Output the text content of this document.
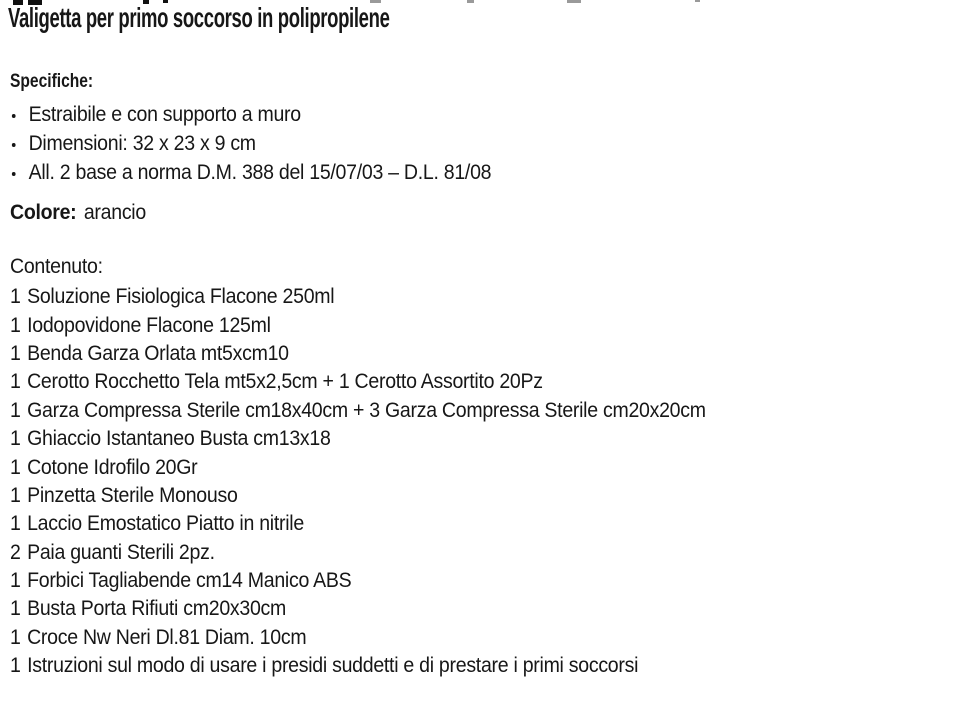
Valigetta per primo soccorso in polipropilene
Specifiche:
Estraibile e con supporto a muro
Dimensioni: 32 x 23 x 9 cm
All. 2 base a norma D.M. 388 del 15/07/03 – D.L. 81/08
Colore: arancio
Contenuto:
1 Soluzione Fisiologica Flacone 250ml
1 Iodopovidone Flacone 125ml
1 Benda Garza Orlata mt5xcm10
1 Cerotto Rocchetto Tela mt5x2,5cm + 1 Cerotto Assortito 20Pz
1 Garza Compressa Sterile cm18x40cm + 3 Garza Compressa Sterile cm20x20cm
1 Ghiaccio Istantaneo Busta cm13x18
1 Cotone Idrofilo 20Gr
1 Pinzetta Sterile Monouso
1 Laccio Emostatico Piatto in nitrile
2 Paia guanti Sterili 2pz.
1 Forbici Tagliabende cm14 Manico ABS
1 Busta Porta Rifiuti cm20x30cm
1 Croce Nw Neri Dl.81 Diam. 10cm
1 Istruzioni sul modo di usare i presidi suddetti e di prestare i primi soccorsi
